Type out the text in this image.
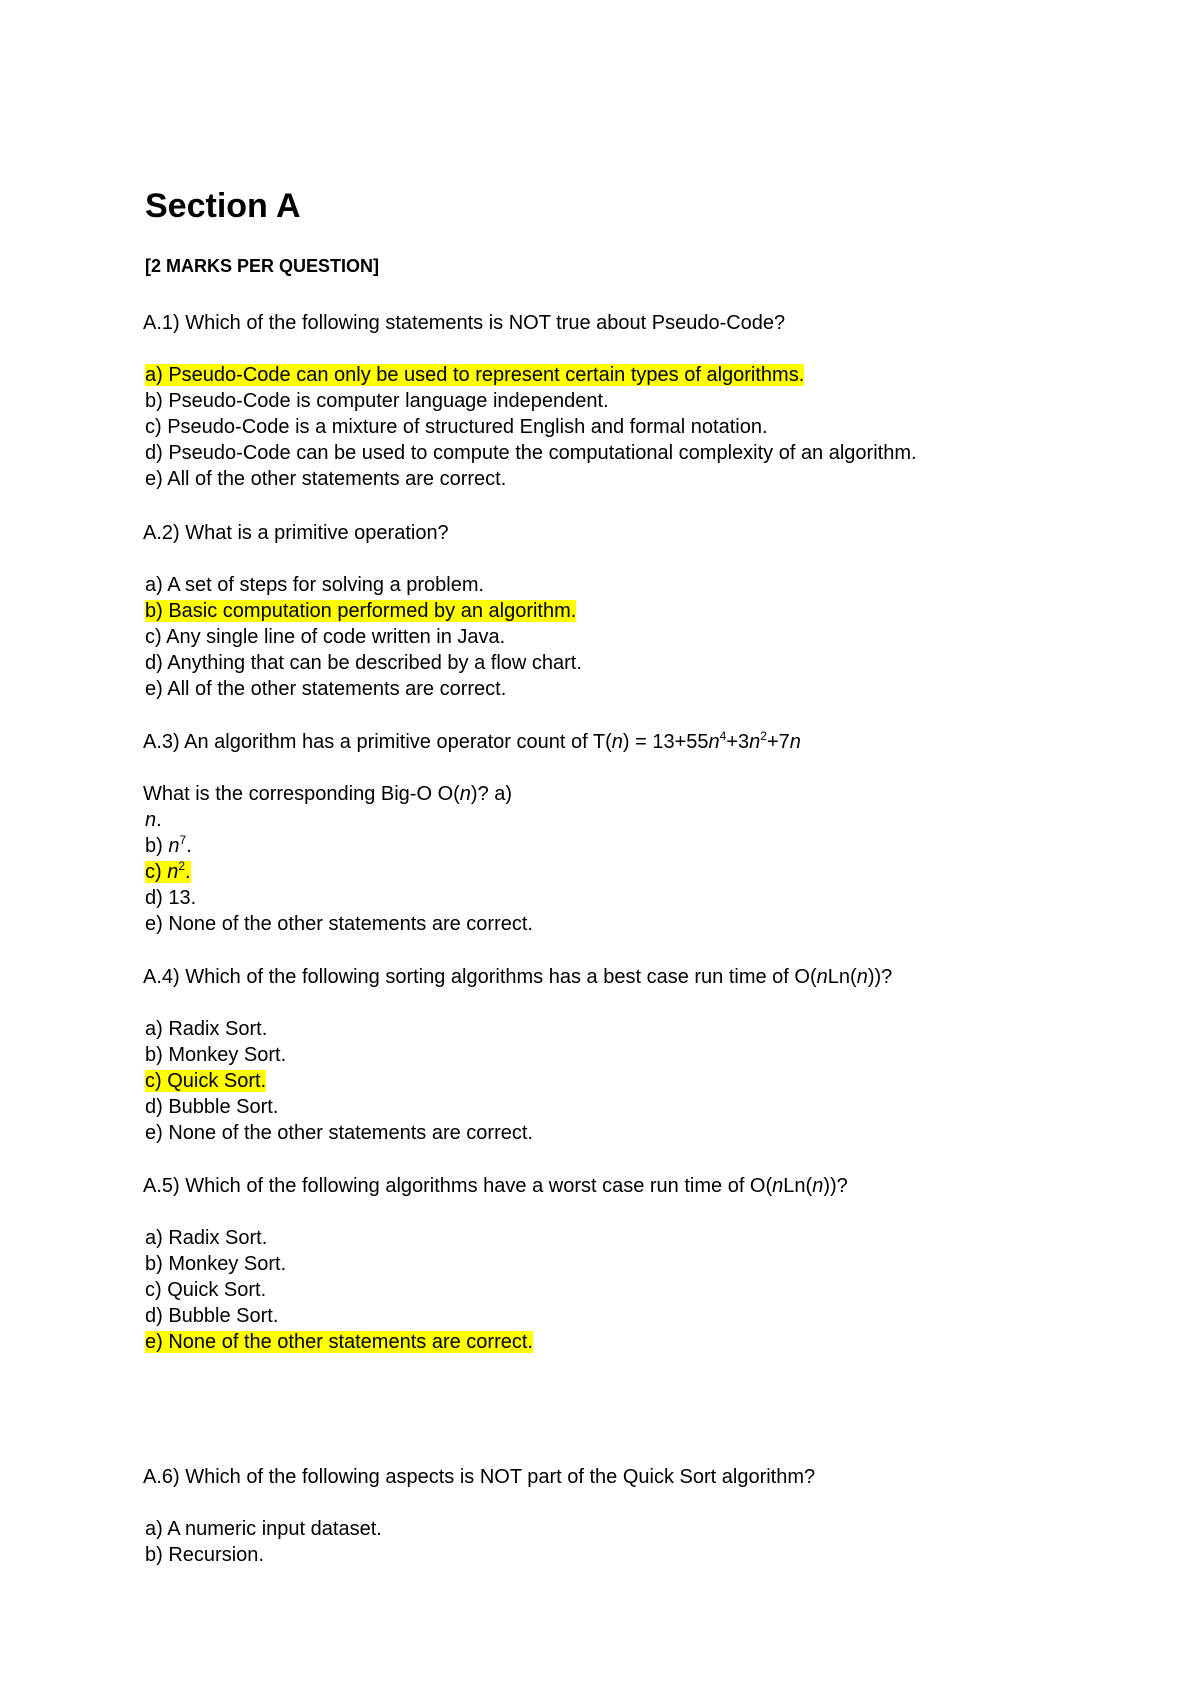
Section A
[2 MARKS PER QUESTION]
A.1) Which of the following statements is NOT true about Pseudo-Code?
a) Pseudo-Code can only be used to represent certain types of algorithms.
b) Pseudo-Code is computer language independent.
c) Pseudo-Code is a mixture of structured English and formal notation.
d) Pseudo-Code can be used to compute the computational complexity of an algorithm.
e) All of the other statements are correct.
A.2) What is a primitive operation?
a) A set of steps for solving a problem.
b) Basic computation performed by an algorithm.
c) Any single line of code written in Java.
d) Anything that can be described by a flow chart.
e) All of the other statements are correct.
A.3) An algorithm has a primitive operator count of $T(n) = 13+55n^4+3n^2+7n$
What is the corresponding Big-O O(n)? a)
n.
b) $n^7$.
c) $n^2$.
d) 13.
e) None of the other statements are correct.
A.4) Which of the following sorting algorithms has a best case run time of O(nLn(n))?
a) Radix Sort.
b) Monkey Sort.
c) Quick Sort.
d) Bubble Sort.
e) None of the other statements are correct.
A.5) Which of the following algorithms have a worst case run time of O(nLn(n))?
a) Radix Sort.
b) Monkey Sort.
c) Quick Sort.
d) Bubble Sort.
e) None of the other statements are correct.
A.6) Which of the following aspects is NOT part of the Quick Sort algorithm?
a) A numeric input dataset.
b) Recursion.
